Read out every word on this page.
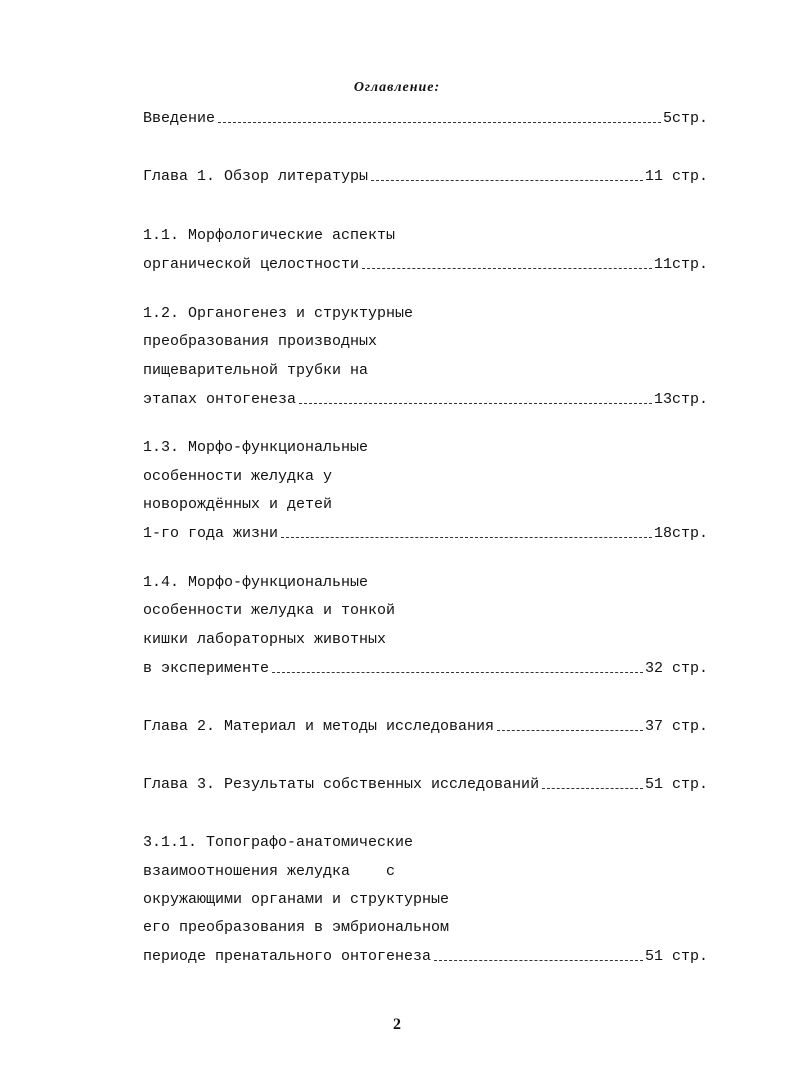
Оглавление:
Введение	5стр.
Глава 1. Обзор литературы	11 стр.
1.1. Морфологические аспекты
органической целостности	11стр.
1.2. Органогенез и структурные
преобразования производных
пищеварительной трубки на
этапах онтогенеза	13стр.
1.3. Морфо-функциональные
особенности желудка у
новорождённых и детей
1-го года жизни	18стр.
1.4. Морфо-функциональные
особенности желудка и тонкой
кишки лабораторных животных
в эксперименте	32 стр.
Глава 2. Материал и методы исследования	37 стр.
Глава 3. Результаты собственных исследований	51 стр.
3.1.1. Топографо-анатомические
взаимоотношения желудка    с
окружающими органами и структурные
его преобразования в эмбриональном
периоде пренатального онтогенеза	51 стр.
2
